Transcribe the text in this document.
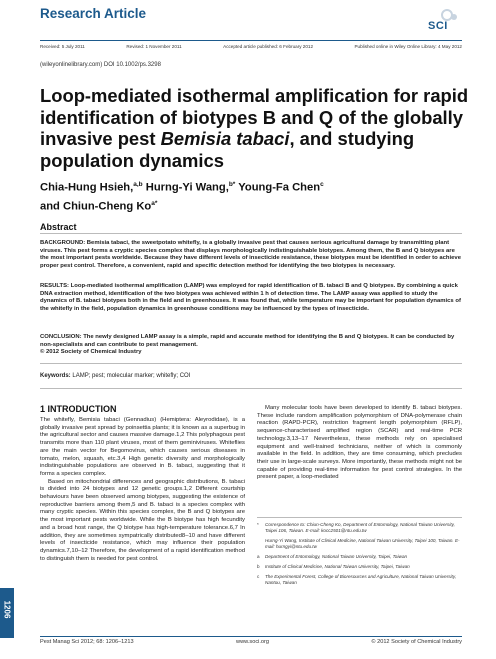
Research Article
SCI
Received: 5 July 2011	Revised: 1 November 2011	Accepted article published: 6 February 2012	Published online in Wiley Online Library: 4 May 2012
(wileyonlinelibrary.com) DOI 10.1002/ps.3298
Loop-mediated isothermal amplification for rapid identification of biotypes B and Q of the globally invasive pest Bemisia tabaci, and studying population dynamics
Chia-Hung Hsieh,$^{a,b}$ Hurng-Yi Wang,$^{b*}$ Young-Fa Chen$^c$
and Chiun-Cheng $Ko^{a*}$
Abstract
BACKGROUND: Bemisia tabaci, the sweetpotato whitefly, is a globally invasive pest that causes serious agricultural damage by transmitting plant viruses. This pest forms a cryptic species complex that displays morphologically indistinguishable biotypes. Among them, the B and Q biotypes are the most important pests worldwide. Because they have different levels of insecticide resistance, these biotypes must be identified in order to achieve proper pest control. Therefore, a convenient, rapid and specific detection method for identifying the two biotypes is necessary.
RESULTS: Loop-mediated isothermal amplification (LAMP) was employed for rapid identification of B. tabaci B and Q biotypes. By combining a quick DNA extraction method, identification of the two biotypes was achieved within 1 h of detection time. The LAMP assay was applied to study the dynamics of B. tabaci biotypes both in the field and in greenhouses. It was found that, while temperature may be important for population dynamics of the whitefly in the field, population dynamics in greenhouse conditions may be influenced by the types of insecticide.
CONCLUSION: The newly designed LAMP assay is a simple, rapid and accurate method for identifying the B and Q biotypes. It can be conducted by non-specialists and can contribute to pest management.
© 2012 Society of Chemical Industry
Keywords: LAMP; pest; molecular marker; whitefly; COI
1 INTRODUCTION

The whitefly, Bemisia tabaci (Gennadius) (Hemiptera: Aleyrodidae), is a globally invasive pest spread by poinsettia plants; it is known as a superbug in the agricultural sector and causes massive damage.1,2 This polyphagous pest transmits more than 110 plant viruses, most of them geminiviruses. Whiteflies are the main vector for Begomovirus, which causes serious diseases in tomato, melon, squash, etc.3,4 High genetic diversity and morphologically indistinguishable populations are observed in B. tabaci, suggesting that it forms a species complex.

Based on mitochondrial differences and geographic distributions, B. tabaci is divided into 24 biotypes and 12 genetic groups.1,2 Different courtship behaviours have been observed among biotypes, suggesting the existence of reproductive barriers among them,5 and B. tabaci is a species complex with many cryptic species. Within this species complex, the B and Q biotypes are the most important pests worldwide. While the B biotype has high fecundity and a broad host range, the Q biotype has high-temperature tolerance.6,7 In addition, they are sometimes sympatrically distributed8–10 and have different levels of insecticide resistance, which may influence their population dynamics.7,10–12 Therefore, the development of a rapid identification method to distinguish them is needed for pest control.

Many molecular tools have been developed to identify B. tabaci biotypes. These include random amplification polymorphism of DNA-polymerase chain reaction (RAPD-PCR), restriction fragment length polymorphism (RFLP), sequence-characterised amplified region (SCAR) and real-time PCR technology.3,13–17 Nevertheless, these methods rely on specialised equipment and well-trained technicians, neither of which is commonly available in the field. In addition, they are time consuming, which precludes their use in large-scale surveys. More importantly, these methods might not be capable of providing real-time information for pest control strategies. In the present paper, a loop-mediated

*	Correspondence to: Chiun-Cheng Ko, Department of Entomology, National Taiwan University, Taipei 106, Taiwan. E-mail: kocc2501@ntu.edu.tw
Hurng-Yi Wang, Institute of Clinical Medicine, National Taiwan University, Taipei 100, Taiwan. E-mail: hurngyi@ntu.edu.tw
a	Department of Entomology, National Taiwan University, Taipei, Taiwan
b	Institute of Clinical Medicine, National Taiwan University, Taipei, Taiwan
c	The Experimental Forest, College of Bioresources and Agriculture, National Taiwan University, Nantou, Taiwan
1206
Pest Manag Sci 2012; 68: 1206–1213	www.soci.org	© 2012 Society of Chemical Industry
